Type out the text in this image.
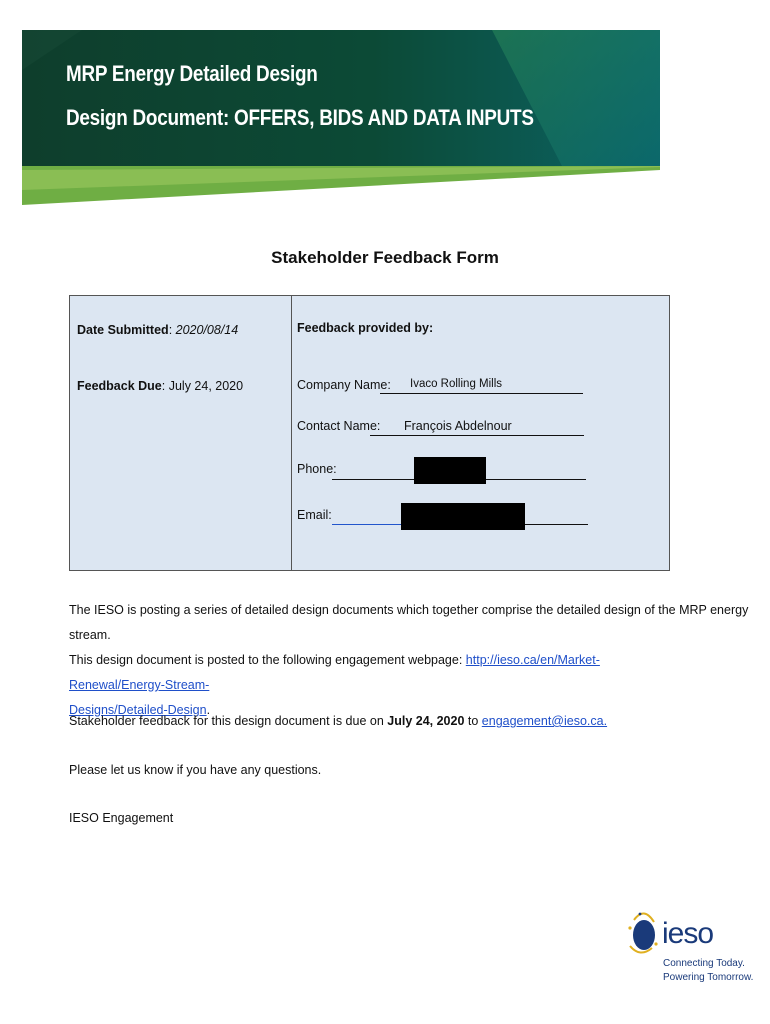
MRP Energy Detailed Design
Design Document: OFFERS, BIDS AND DATA INPUTS
Stakeholder Feedback Form
Date Submitted: 2020/08/14
Feedback Due: July 24, 2020
Feedback provided by:
Company Name: Ivaco Rolling Mills
Contact Name: François Abdelnour
Phone:
Email:
The IESO is posting a series of detailed design documents which together comprise the detailed design of the MRP energy stream.
This design document is posted to the following engagement webpage: http://ieso.ca/en/Market-Renewal/Energy-Stream-
Designs/Detailed-Design.
Stakeholder feedback for this design document is due on July 24, 2020 to engagement@ieso.ca.
Please let us know if you have any questions.
IESO Engagement
ieso
Connecting Today.
Powering Tomorrow.
